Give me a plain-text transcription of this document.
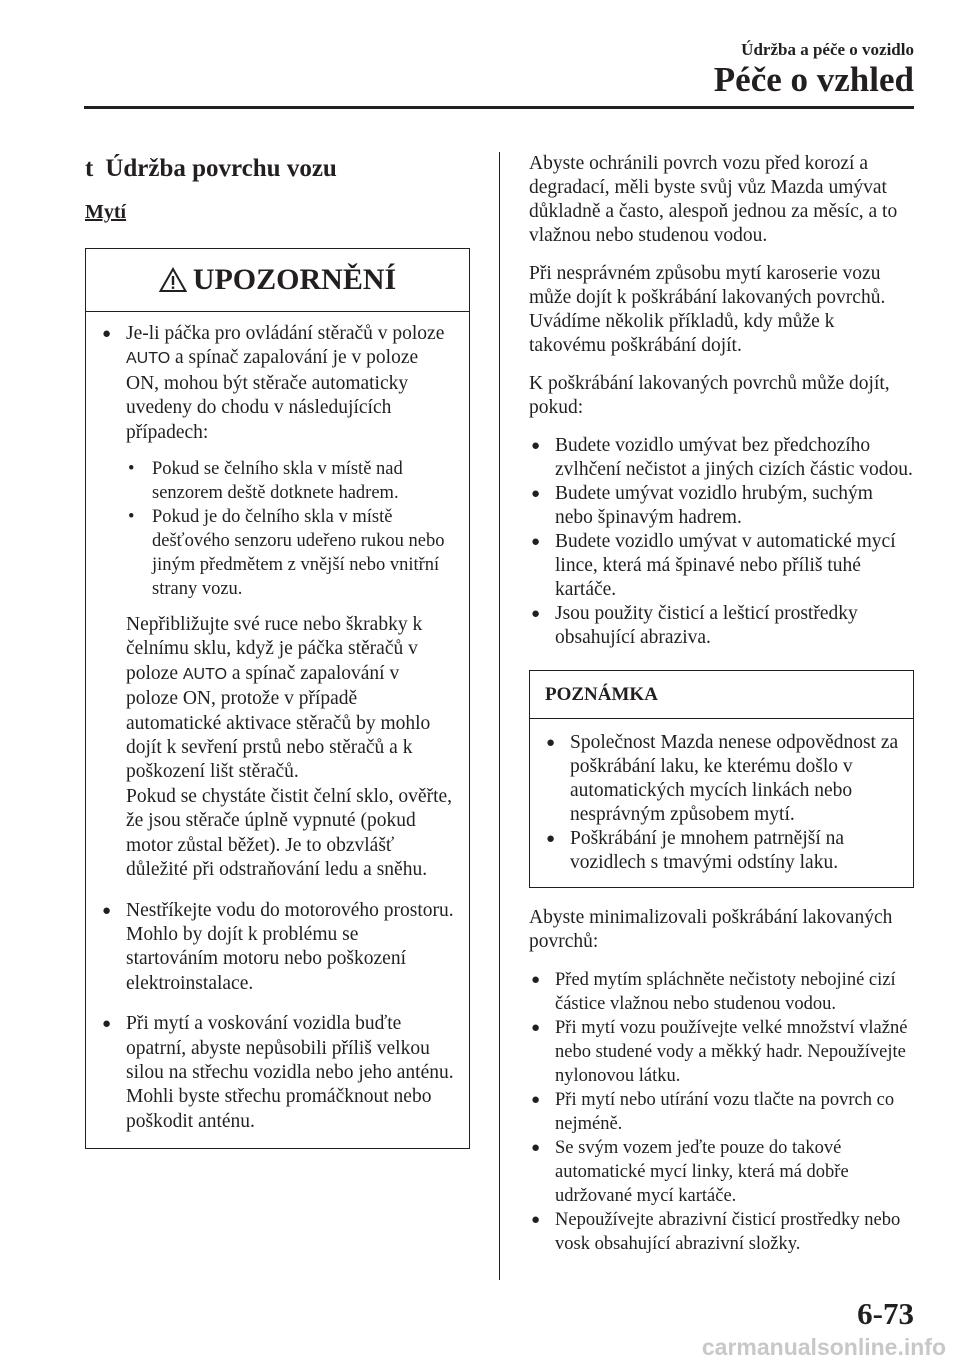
Údržba a péče o vozidlo
Péče o vzhled
t Údržba povrchu vozu
Mytí
UPOZORNĚNÍ
● Je-li páčka pro ovládání stěračů v poloze AUTO a spínač zapalování je v poloze ON, mohou být stěrače automaticky uvedeny do chodu v následujících případech:
• Pokud se čelního skla v místě nad senzorem deště dotknete hadrem.
• Pokud je do čelního skla v místě dešťového senzoru udeřeno rukou nebo jiným předmětem z vnější nebo vnitřní strany vozu.

Nepřibližujte své ruce nebo škrabky k čelnímu sklu, když je páčka stěračů v poloze AUTO a spínač zapalování v poloze ON, protože v případě automatické aktivace stěračů by mohlo dojít k sevření prstů nebo stěračů a k poškození lišt stěračů.
Pokud se chystáte čistit čelní sklo, ověřte, že jsou stěrače úplně vypnuté (pokud motor zůstal běžet). Je to obzvlášť důležité při odstraňování ledu a sněhu.

● Nestříkejte vodu do motorového prostoru. Mohlo by dojít k problému se startováním motoru nebo poškození elektroinstalace.
● Při mytí a voskování vozidla buďte opatrní, abyste nepůsobili příliš velkou silou na střechu vozidla nebo jeho anténu. Mohli byste střechu promáčknout nebo poškodit anténu.

Abyste ochránili povrch vozu před korozí a degradací, měli byste svůj vůz Mazda umývat důkladně a často, alespoň jednou za měsíc, a to vlažnou nebo studenou vodou.

Při nesprávném způsobu mytí karoserie vozu může dojít k poškrábání lakovaných povrchů. Uvádíme několik příkladů, kdy může k takovému poškrábání dojít.

K poškrábání lakovaných povrchů může dojít, pokud:

● Budete vozidlo umývat bez předchozího zvlhčení nečistot a jiných cizích částic vodou.
● Budete umývat vozidlo hrubým, suchým nebo špinavým hadrem.
● Budete vozidlo umývat v automatické mycí lince, která má špinavé nebo příliš tuhé kartáče.
● Jsou použity čisticí a lešticí prostředky obsahující abraziva.
POZNÁMKA
● Společnost Mazda nenese odpovědnost za poškrábání laku, ke kterému došlo v automatických mycích linkách nebo nesprávným způsobem mytí.
● Poškrábání je mnohem patrnější na vozidlech s tmavými odstíny laku.

Abyste minimalizovali poškrábání lakovaných povrchů:

● Před mytím spláchněte nečistoty nebojiné cizí částice vlažnou nebo studenou vodou.
● Při mytí vozu používejte velké množství vlažné nebo studené vody a měkký hadr. Nepoužívejte nylonovou látku.
● Při mytí nebo utírání vozu tlačte na povrch co nejméně.
● Se svým vozem jeďte pouze do takové automatické mycí linky, která má dobře udržované mycí kartáče.
● Nepoužívejte abrazivní čisticí prostředky nebo vosk obsahující abrazivní složky.
6-73
carmanualsonline.info
